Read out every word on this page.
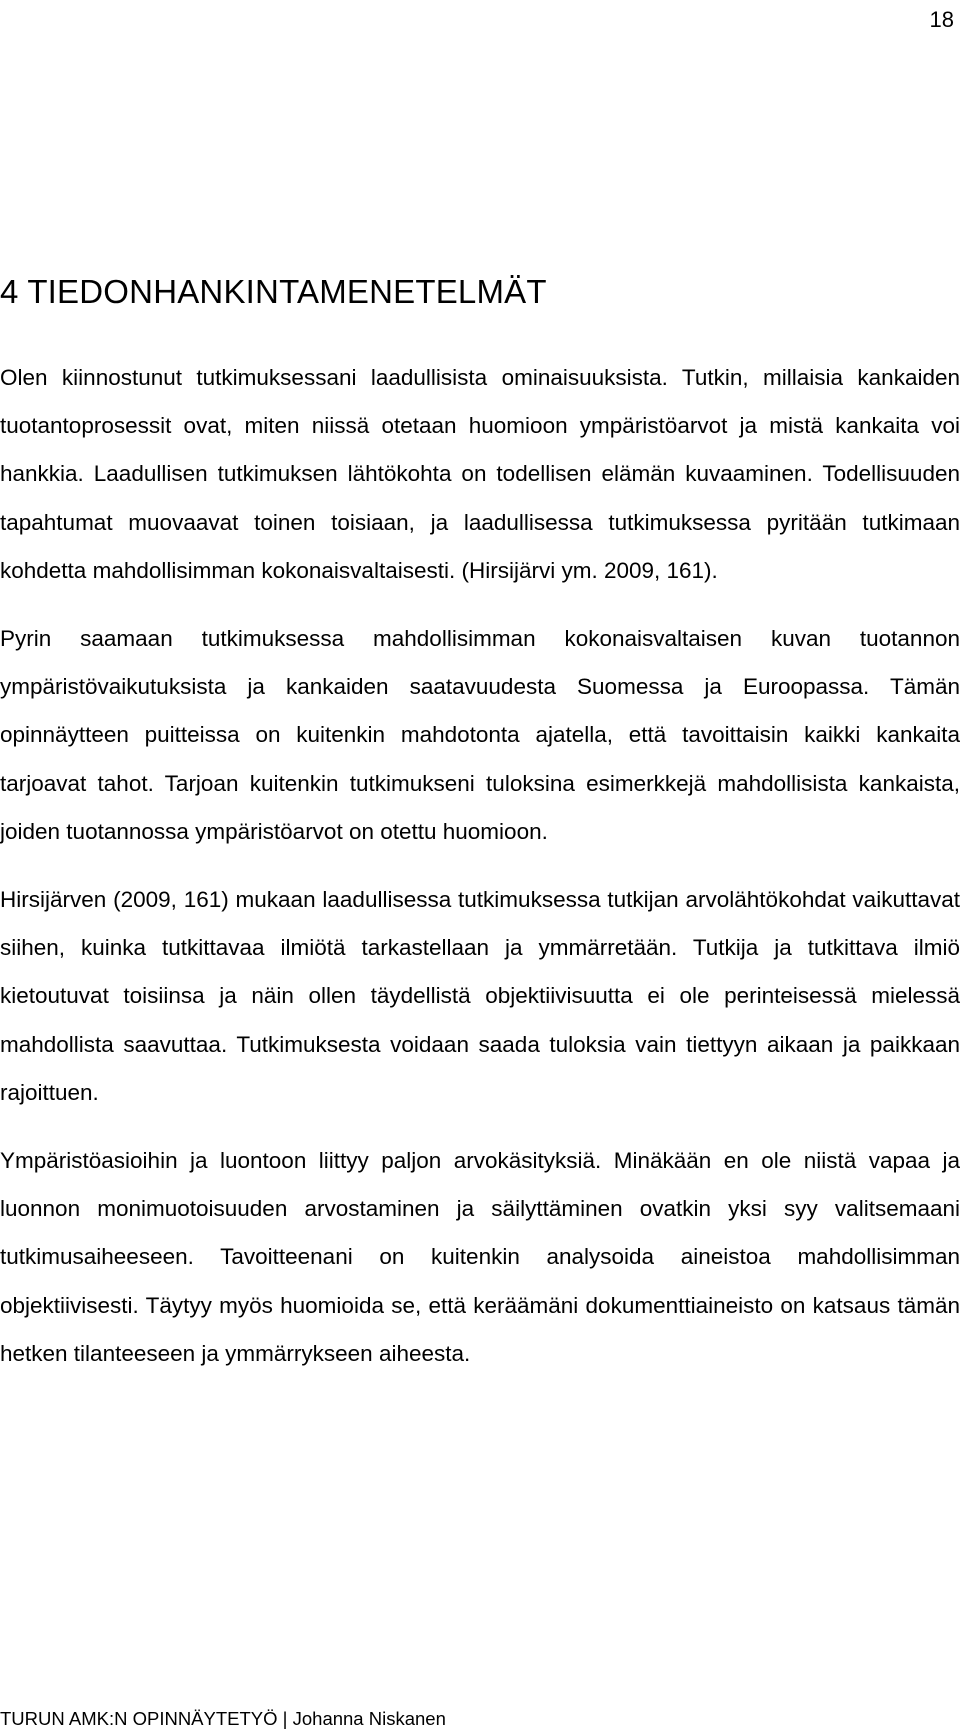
18
4 TIEDONHANKINTAMENETELMÄT

Olen kiinnostunut tutkimuksessani laadullisista ominaisuuksista. Tutkin, millaisia kankaiden tuotantoprosessit ovat, miten niissä otetaan huomioon ympäristöarvot ja mistä kankaita voi hankkia. Laadullisen tutkimuksen lähtökohta on todellisen elämän kuvaaminen. Todellisuuden tapahtumat muovaavat toinen toisiaan, ja laadullisessa tutkimuksessa pyritään tutkimaan kohdetta mahdollisimman kokonaisvaltaisesti. (Hirsijärvi ym. 2009, 161).

Pyrin saamaan tutkimuksessa mahdollisimman kokonaisvaltaisen kuvan tuotannon ympäristövaikutuksista ja kankaiden saatavuudesta Suomessa ja Euroopassa. Tämän opinnäytteen puitteissa on kuitenkin mahdotonta ajatella, että tavoittaisin kaikki kankaita tarjoavat tahot. Tarjoan kuitenkin tutkimukseni tuloksina esimerkkejä mahdollisista kankaista, joiden tuotannossa ympäristöarvot on otettu huomioon.

Hirsijärven (2009, 161) mukaan laadullisessa tutkimuksessa tutkijan arvolähtökohdat vaikuttavat siihen, kuinka tutkittavaa ilmiötä tarkastellaan ja ymmärretään. Tutkija ja tutkittava ilmiö kietoutuvat toisiinsa ja näin ollen täydellistä objektiivisuutta ei ole perinteisessä mielessä mahdollista saavuttaa. Tutkimuksesta voidaan saada tuloksia vain tiettyyn aikaan ja paikkaan rajoittuen.

Ympäristöasioihin ja luontoon liittyy paljon arvokäsityksiä. Minäkään en ole niistä vapaa ja luonnon monimuotoisuuden arvostaminen ja säilyttäminen ovatkin yksi syy valitsemaani tutkimusaiheeseen. Tavoitteenani on kuitenkin analysoida aineistoa mahdollisimman objektiivisesti. Täytyy myös huomioida se, että keräämäni dokumenttiaineisto on katsaus tämän hetken tilanteeseen ja ymmärrykseen aiheesta.

TURUN AMK:N OPINNÄYTETYÖ | Johanna Niskanen
